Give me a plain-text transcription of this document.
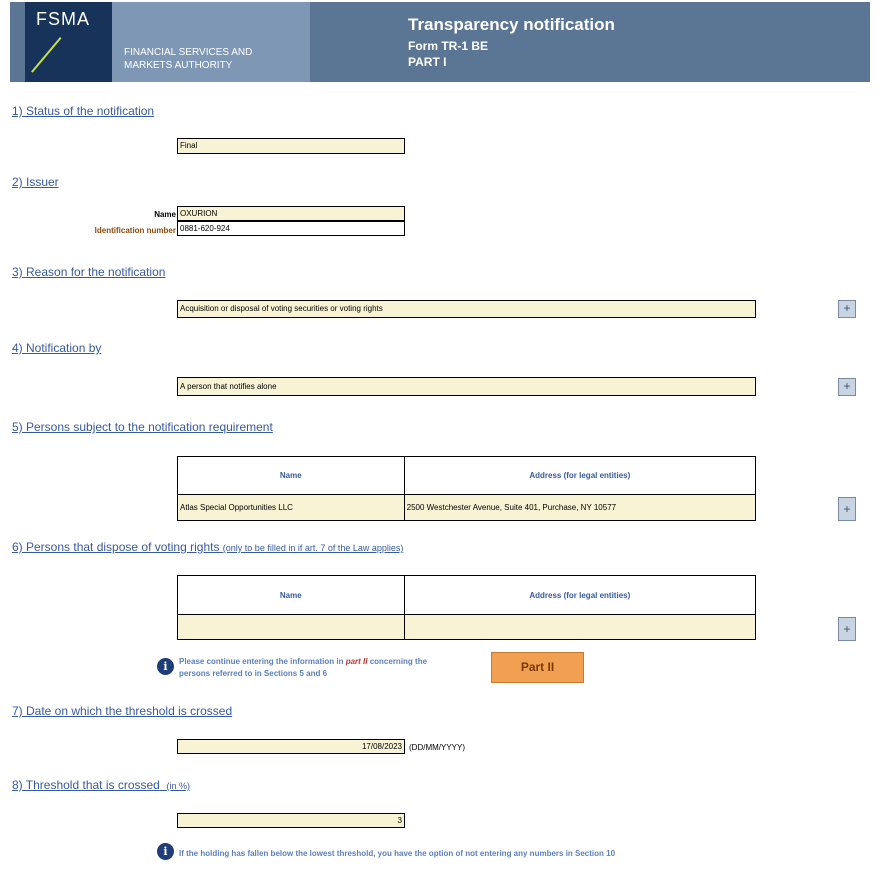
FSMA
FINANCIAL SERVICES AND
MARKETS AUTHORITY
Transparency notification
Form TR-1 BE
PART I
1) Status of the notification
Final
2) Issuer
Name OXURION
Identification number 0881-620-924
3) Reason for the notification
Acquisition or disposal of voting securities or voting rights	+
4) Notification by
A person that notifies alone	+
5) Persons subject to the notification requirement
Name	Address (for legal entities)
Atlas Special Opportunities LLC	2500 Westchester Avenue, Suite 401, Purchase, NY 10577	+
6) Persons that dispose of voting rights (only to be filled in if art. 7 of the Law applies)
Name	Address (for legal entities)

+
i	Please continue entering the information in part II concerning the
persons referred to in Sections 5 and 6	Part II
7) Date on which the threshold is crossed
17/08/2023 (DD/MM/YYYY)
8) Threshold that is crossed (in %)
3
i	If the holding has fallen below the lowest threshold, you have the option of not entering any numbers in Section 10
